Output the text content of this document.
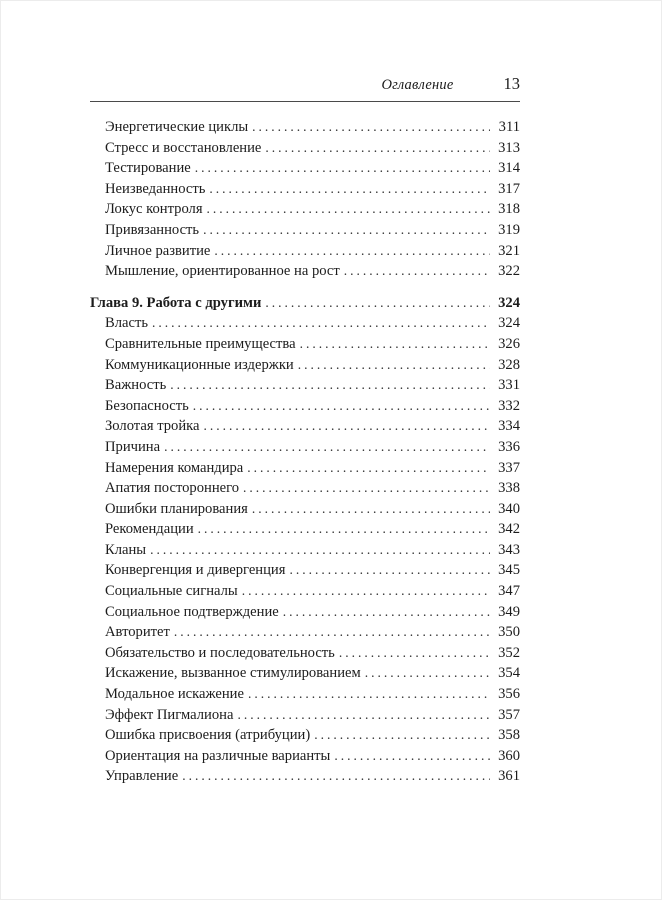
Оглавление	13
Энергетические циклы .....	311
Стресс и восстановление .....	313
Тестирование .....	314
Неизведанность .....	317
Локус контроля .....	318
Привязанность .....	319
Личное развитие .....	321
Мышление, ориентированное на рост .....	322
Глава 9. Работа с другими .....	324
Власть .....	324
Сравнительные преимущества .....	326
Коммуникационные издержки .....	328
Важность .....	331
Безопасность .....	332
Золотая тройка .....	334
Причина .....	336
Намерения командира .....	337
Апатия постороннего .....	338
Ошибки планирования .....	340
Рекомендации .....	342
Кланы .....	343
Конвергенция и дивергенция .....	345
Социальные сигналы .....	347
Социальное подтверждение .....	349
Авторитет .....	350
Обязательство и последовательность .....	352
Искажение, вызванное стимулированием .....	354
Модальное искажение .....	356
Эффект Пигмалиона .....	357
Ошибка присвоения (атрибуции) .....	358
Ориентация на различные варианты .....	360
Управление .....	361
